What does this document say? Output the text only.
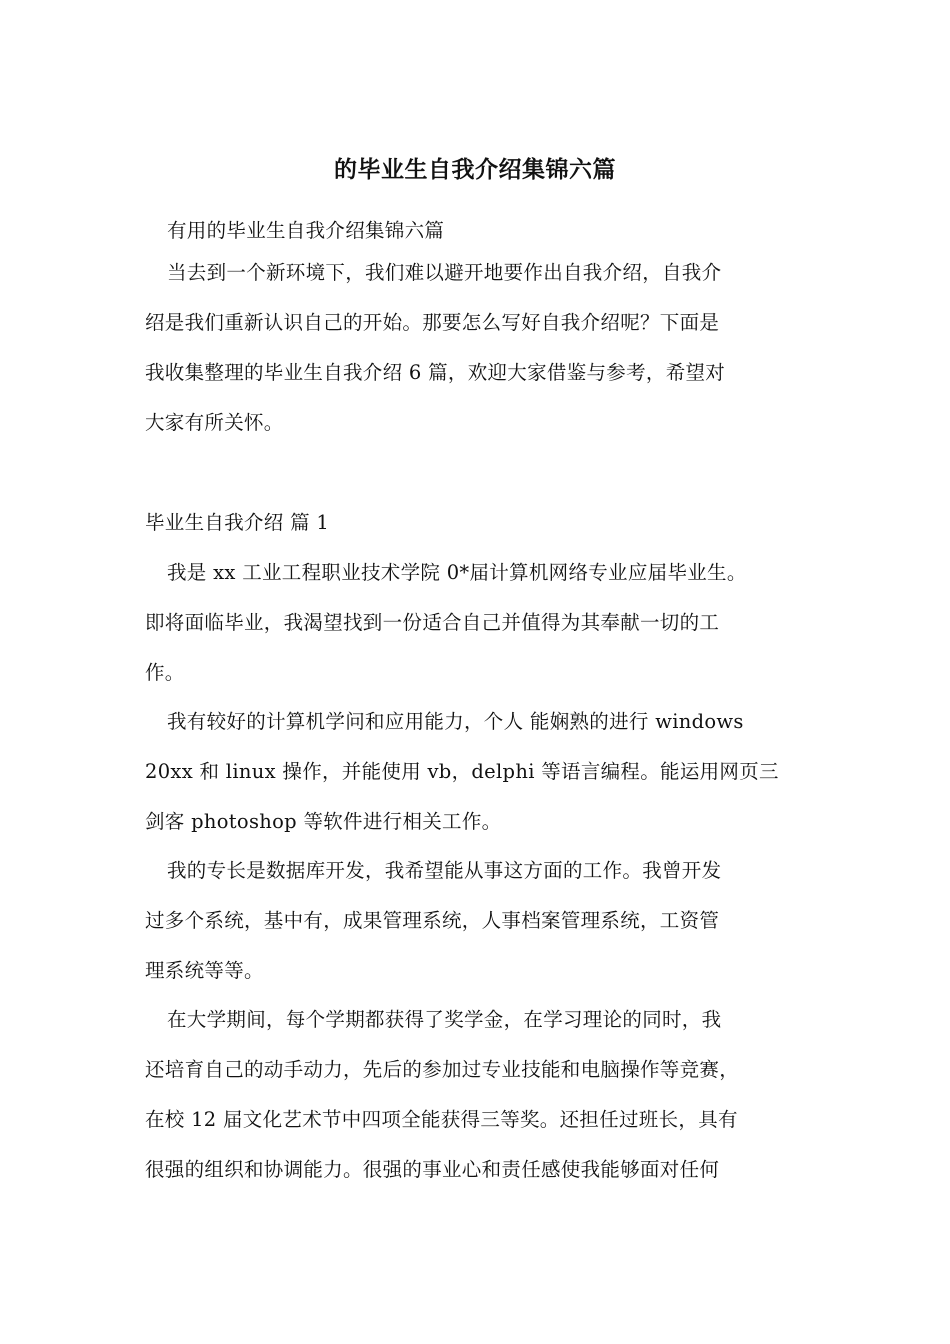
的毕业生自我介绍集锦六篇
有用的毕业生自我介绍集锦六篇
当去到一个新环境下，我们难以避开地要作出自我介绍，自我介
绍是我们重新认识自己的开始。那要怎么写好自我介绍呢？下面是
我收集整理的毕业生自我介绍 6 篇，欢迎大家借鉴与参考，希望对
大家有所关怀。
毕业生自我介绍 篇 1
我是 xx 工业工程职业技术学院 0*届计算机网络专业应届毕业生。
即将面临毕业，我渴望找到一份适合自己并值得为其奉献一切的工
作。
我有较好的计算机学问和应用能力，个人 能娴熟的进行 windows
20xx 和 linux 操作，并能使用 vb，delphi 等语言编程。能运用网页三
剑客 photoshop 等软件进行相关工作。
我的专长是数据库开发，我希望能从事这方面的工作。我曾开发
过多个系统，基中有，成果管理系统，人事档案管理系统，工资管
理系统等等。
在大学期间，每个学期都获得了奖学金，在学习理论的同时，我
还培育自己的动手动力，先后的参加过专业技能和电脑操作等竞赛，
在校 12 届文化艺术节中四项全能获得三等奖。还担任过班长，具有
很强的组织和协调能力。很强的事业心和责任感使我能够面对任何
